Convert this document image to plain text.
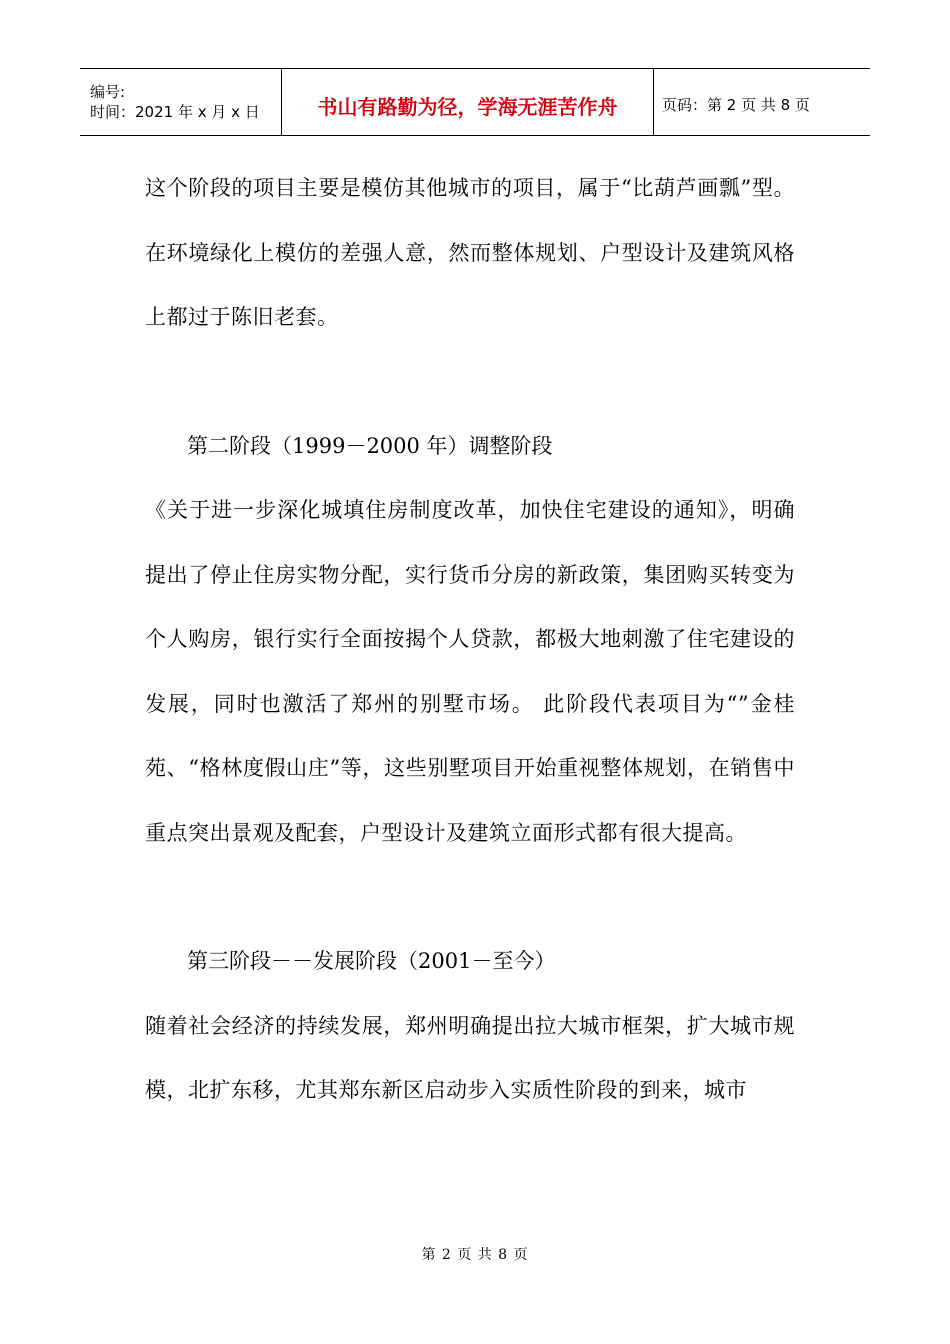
编号:
时间：2021 年 x 月 x 日	书山有路勤为径，学海无涯苦作舟	页码：第 2 页 共 8 页

这个阶段的项目主要是模仿其他城市的项目，属于“比葫芦画瓢”型。在环境绿化上模仿的差强人意，然而整体规划、户型设计及建筑风格上都过于陈旧老套。

第二阶段（1999－2000 年）调整阶段

《关于进一步深化城填住房制度改革，加快住宅建设的通知》，明确提出了停止住房实物分配，实行货币分房的新政策，集团购买转变为个人购房，银行实行全面按揭个人贷款，都极大地刺激了住宅建设的发展，同时也激活了郑州的别墅市场。 此阶段代表项目为“”金桂苑、“格林度假山庄”等，这些别墅项目开始重视整体规划，在销售中重点突出景观及配套，户型设计及建筑立面形式都有很大提高。

第三阶段－－发展阶段（2001－至今）

随着社会经济的持续发展，郑州明确提出拉大城市框架，扩大城市规模，北扩东移，尤其郑东新区启动步入实质性阶段的到来，城市

第 2 页 共 8 页
